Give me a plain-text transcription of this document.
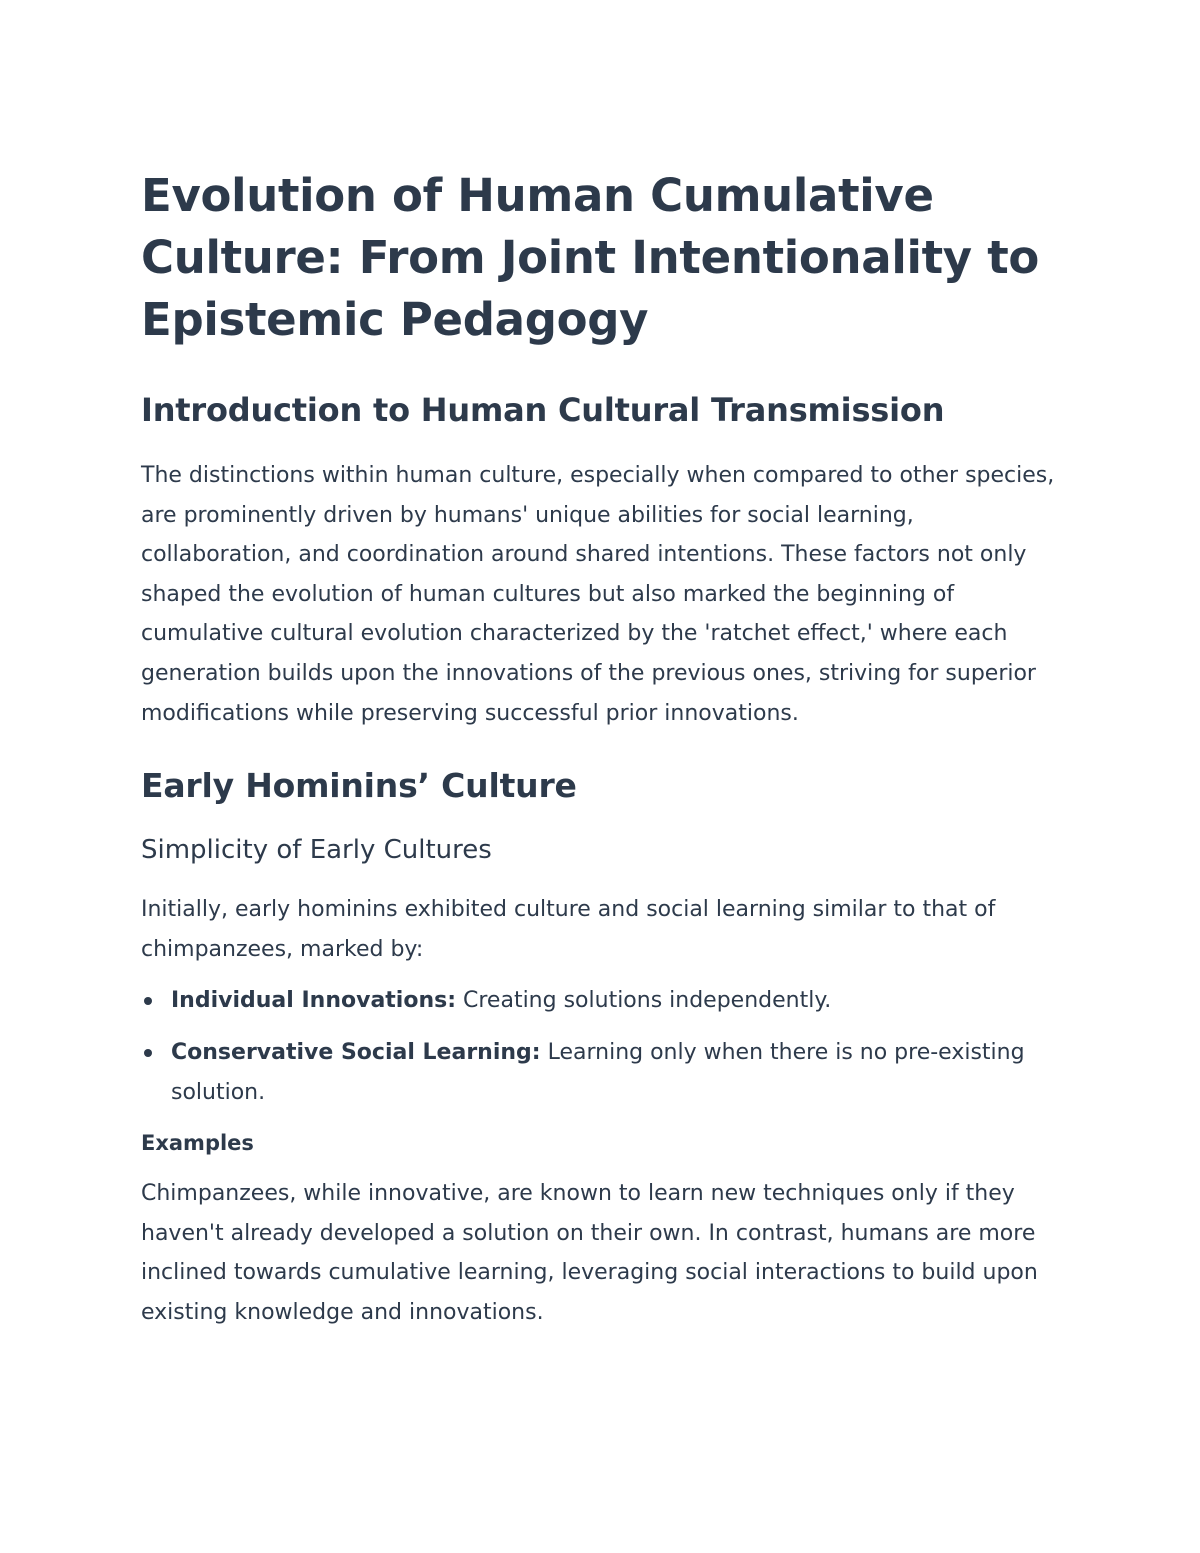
Evolution of Human Cumulative Culture: From Joint Intentionality to Epistemic Pedagogy
Introduction to Human Cultural Transmission

The distinctions within human culture, especially when compared to other species, are prominently driven by humans' unique abilities for social learning, collaboration, and coordination around shared intentions. These factors not only shaped the evolution of human cultures but also marked the beginning of cumulative cultural evolution characterized by the 'ratchet effect,' where each generation builds upon the innovations of the previous ones, striving for superior modifications while preserving successful prior innovations.

Early Hominins’ Culture
Simplicity of Early Cultures

Initially, early hominins exhibited culture and social learning similar to that of chimpanzees, marked by:

Individual Innovations: Creating solutions independently.
Conservative Social Learning: Learning only when there is no pre-existing solution.
Examples

Chimpanzees, while innovative, are known to learn new techniques only if they haven't already developed a solution on their own. In contrast, humans are more inclined towards cumulative learning, leveraging social interactions to build upon existing knowledge and innovations.
